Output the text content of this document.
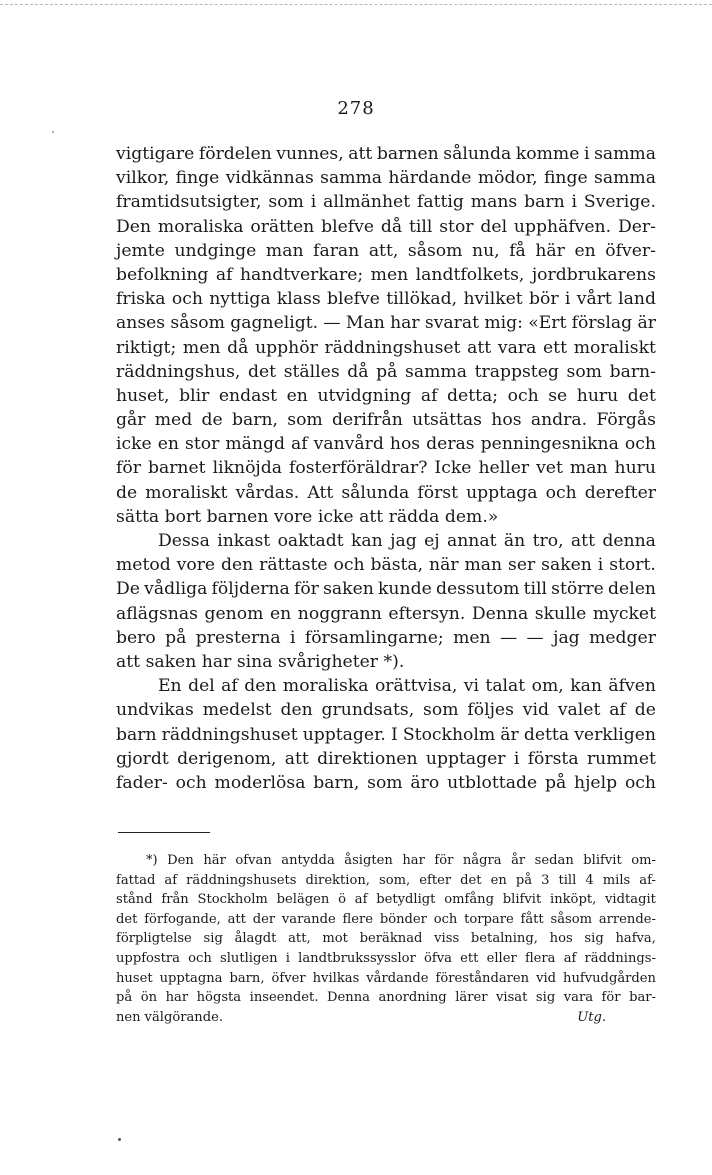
278
vigtigare fördelen vunnes, att barnen sålunda komme i samma
vilkor, finge vidkännas samma härdande mödor, finge samma
framtidsutsigter, som i allmänhet fattig mans barn i Sverige.
Den moraliska orätten blefve då till stor del upphäfven. Der-
jemte undginge man faran att, såsom nu, få här en öfver-
befolkning af handtverkare; men landtfolkets, jordbrukarens
friska och nyttiga klass blefve tillökad, hvilket bör i vårt land
anses såsom gagneligt. — Man har svarat mig: «Ert förslag är
riktigt; men då upphör räddningshuset att vara ett moraliskt
räddningshus, det ställes då på samma trappsteg som barn-
huset, blir endast en utvidgning af detta; och se huru det
går med de barn, som derifrån utsättas hos andra. Förgås
icke en stor mängd af vanvård hos deras penningesnikna och
för barnet liknöjda fosterföräldrar? Icke heller vet man huru
de moraliskt vårdas. Att sålunda först upptaga och derefter
sätta bort barnen vore icke att rädda dem.»
Dessa inkast oaktadt kan jag ej annat än tro, att denna
metod vore den rättaste och bästa, när man ser saken i stort.
De vådliga följderna för saken kunde dessutom till större delen
aflägsnas genom en noggrann eftersyn. Denna skulle mycket
bero på presterna i församlingarne; men — — jag medger
att saken har sina svårigheter *).
En del af den moraliska orättvisa, vi talat om, kan äfven
undvikas medelst den grundsats, som följes vid valet af de
barn räddningshuset upptager. I Stockholm är detta verkligen
gjordt derigenom, att direktionen upptager i första rummet
fader- och moderlösa barn, som äro utblottade på hjelp och
*) Den här ofvan antydda åsigten har för några år sedan blifvit om-
fattad af räddningshusets direktion, som, efter det en på 3 till 4 mils af-
stånd från Stockholm belägen ö af betydligt omfång blifvit inköpt, vidtagit
det förfogande, att der varande flere bönder och torpare fått såsom arrende-
förpligtelse sig ålagdt att, mot beräknad viss betalning, hos sig hafva,
uppfostra och slutligen i landtbrukssysslor öfva ett eller flera af räddnings-
huset upptagna barn, öfver hvilkas vårdande föreståndaren vid hufvudgården
på ön har högsta inseendet. Denna anordning lärer visat sig vara för bar-
nen välgörande.	Utg.
